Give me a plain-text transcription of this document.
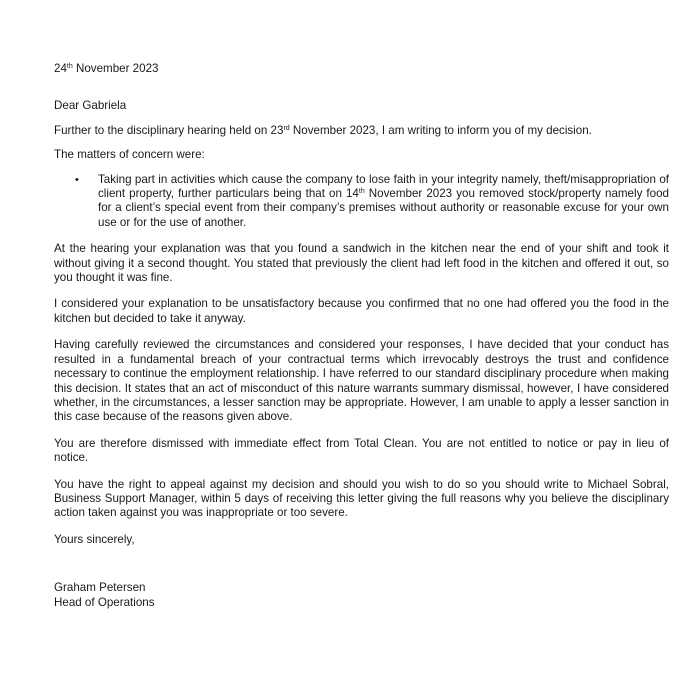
24th November 2023

Dear Gabriela

Further to the disciplinary hearing held on 23rd November 2023, I am writing to inform you of my decision.

The matters of concern were:

•	Taking part in activities which cause the company to lose faith in your integrity namely, theft/misappropriation of client property, further particulars being that on 14th November 2023 you removed stock/property namely food for a client’s special event from their company’s premises without authority or reasonable excuse for your own use or for the use of another.

At the hearing your explanation was that you found a sandwich in the kitchen near the end of your shift and took it without giving it a second thought. You stated that previously the client had left food in the kitchen and offered it out, so you thought it was fine.

I considered your explanation to be unsatisfactory because you confirmed that no one had offered you the food in the kitchen but decided to take it anyway.

Having carefully reviewed the circumstances and considered your responses, I have decided that your conduct has resulted in a fundamental breach of your contractual terms which irrevocably destroys the trust and confidence necessary to continue the employment relationship. I have referred to our standard disciplinary procedure when making this decision. It states that an act of misconduct of this nature warrants summary dismissal, however, I have considered whether, in the circumstances, a lesser sanction may be appropriate. However, I am unable to apply a lesser sanction in this case because of the reasons given above.

You are therefore dismissed with immediate effect from Total Clean. You are not entitled to notice or pay in lieu of notice.

You have the right to appeal against my decision and should you wish to do so you should write to Michael Sobral, Business Support Manager, within 5 days of receiving this letter giving the full reasons why you believe the disciplinary action taken against you was inappropriate or too severe.

Yours sincerely,

Graham Petersen

Head of Operations
